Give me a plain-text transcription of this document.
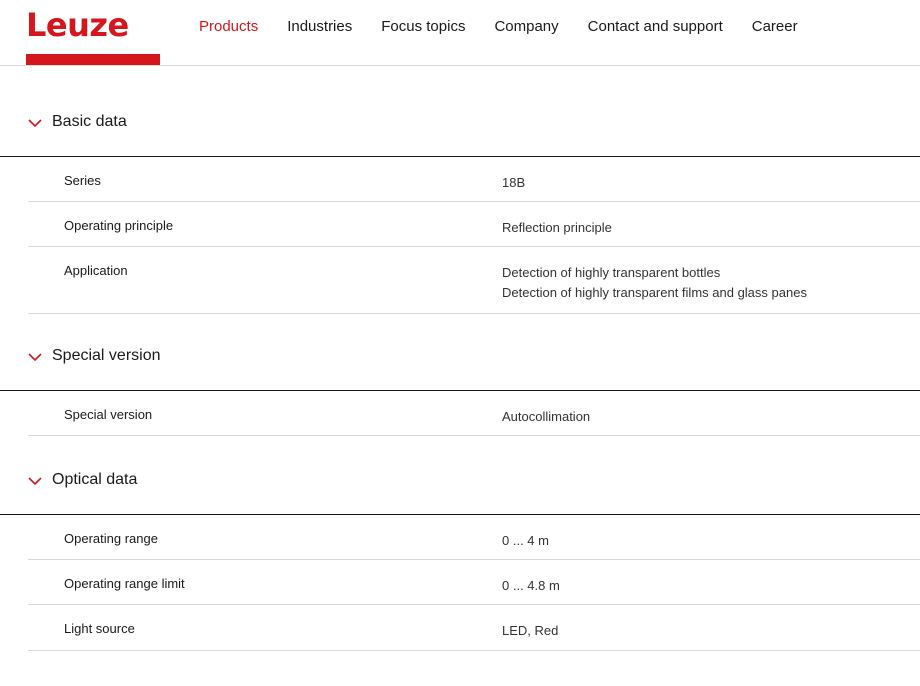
Leuze	Products Industries Focus topics Company Contact and support Career
Basic data
Series	18B
Operating principle	Reflection principle
Application	Detection of highly transparent bottles
Detection of highly transparent films and glass panes
Special version
Special version	Autocollimation
Optical data
Operating range	0 ... 4 m
Operating range limit	0 ... 4.8 m
Light source	LED, Red
